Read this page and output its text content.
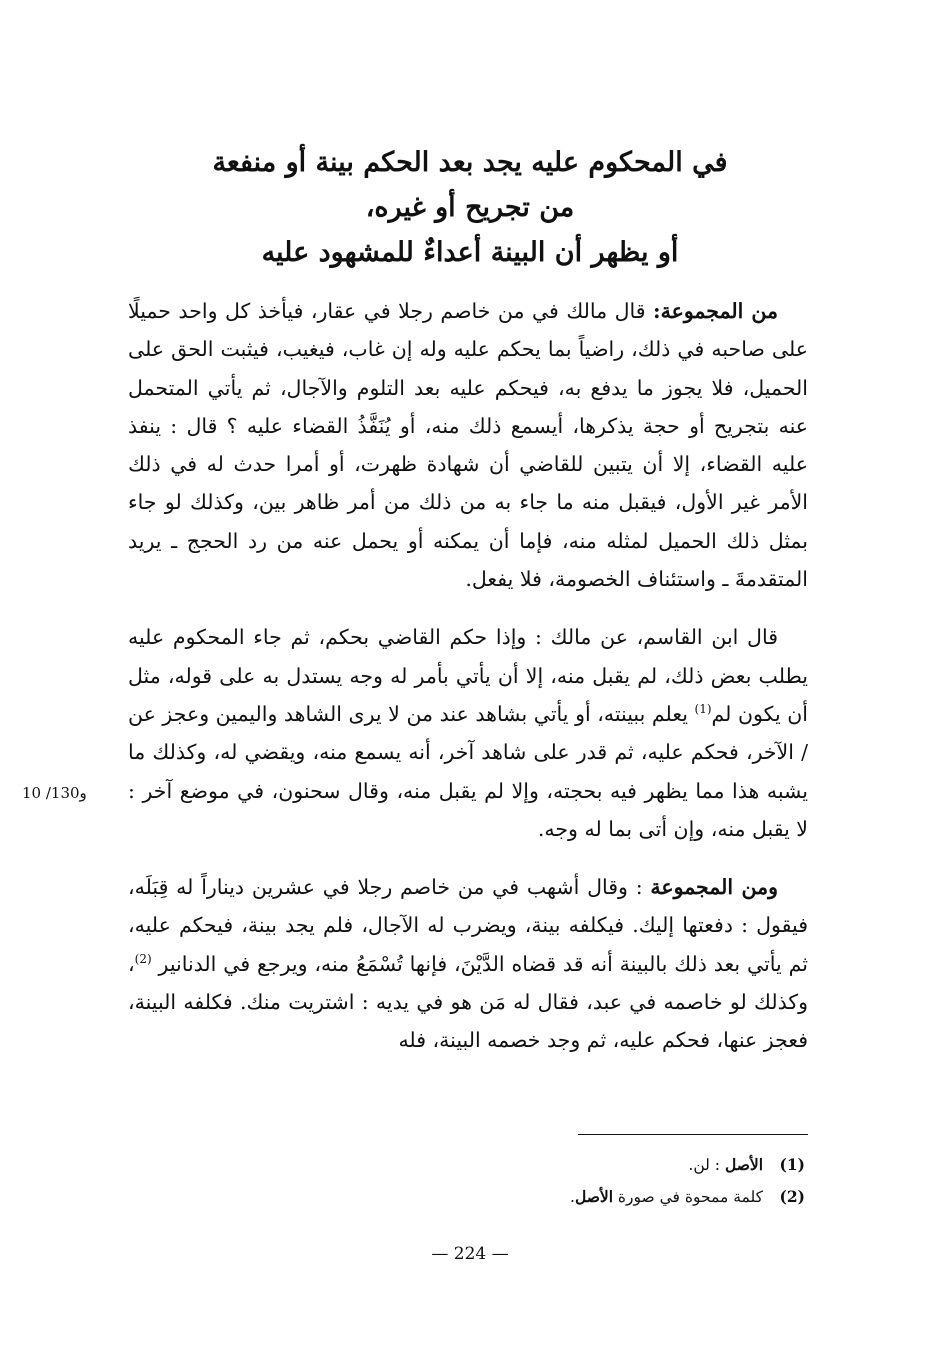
في المحكوم عليه يجد بعد الحكم بينة أو منفعة
من تجريح أو غيره،
أو يظهر أن البينة أعداءٌ للمشهود عليه

من المجموعة: قال مالك في من خاصم رجلا في عقار، فيأخذ كل واحد حميلًا على صاحبه في ذلك، راضياً بما يحكم عليه وله إن غاب، فيغيب، فيثبت الحق على الحميل، فلا يجوز ما يدفع به، فيحكم عليه بعد التلوم والآجال، ثم يأتي المتحمل عنه بتجريح أو حجة يذكرها، أيسمع ذلك منه، أو يُنَفَّذُ القضاء عليه ؟ قال : ينفذ عليه القضاء، إلا أن يتبين للقاضي أن شهادة ظهرت، أو أمرا حدث له في ذلك الأمر غير الأول، فيقبل منه ما جاء به من ذلك من أمر ظاهر بين، وكذلك لو جاء بمثل ذلك الحميل لمثله منه، فإما أن يمكنه أو يحمل عنه من رد الحجج ـ يريد المتقدمةَ ـ واستئناف الخصومة، فلا يفعل.

قال ابن القاسم، عن مالك : وإذا حكم القاضي بحكم، ثم جاء المحكوم عليه يطلب بعض ذلك، لم يقبل منه، إلا أن يأتي بأمر له وجه يستدل به على قوله، مثل أن يكون لم$^{(1)}$ يعلم ببينته، أو يأتي بشاهد عند من لا يرى الشاهد واليمين وعجز عن / الآخر، فحكم عليه، ثم قدر على شاهد آخر، أنه يسمع منه، ويقضي له، وكذلك ما يشبه هذا مما يظهر فيه بحجته، وإلا لم يقبل منه، وقال سحنون، في موضع آخر : لا يقبل منه، وإن أتى بما له وجه.

ومن المجموعة : وقال أشهب في من خاصم رجلا في عشرين ديناراً له قِبَلَه، فيقول : دفعتها إليك. فيكلفه بينة، ويضرب له الآجال، فلم يجد بينة، فيحكم عليه، ثم يأتي بعد ذلك بالبينة أنه قد قضاه الدَّيْنَ، فإنها تُسْمَعُ منه، ويرجع في الدنانير $^{(2)}$، وكذلك لو خاصمه في عبد، فقال له مَن هو في يديه : اشتريت منك. فكلفه البينة، فعجز عنها، فحكم عليه، ثم وجد خصمه البينة، فله

10 /130و
(1)
الأصل : لن.
(2)
كلمة ممحوة في صورة الأصل.
— 224 —
